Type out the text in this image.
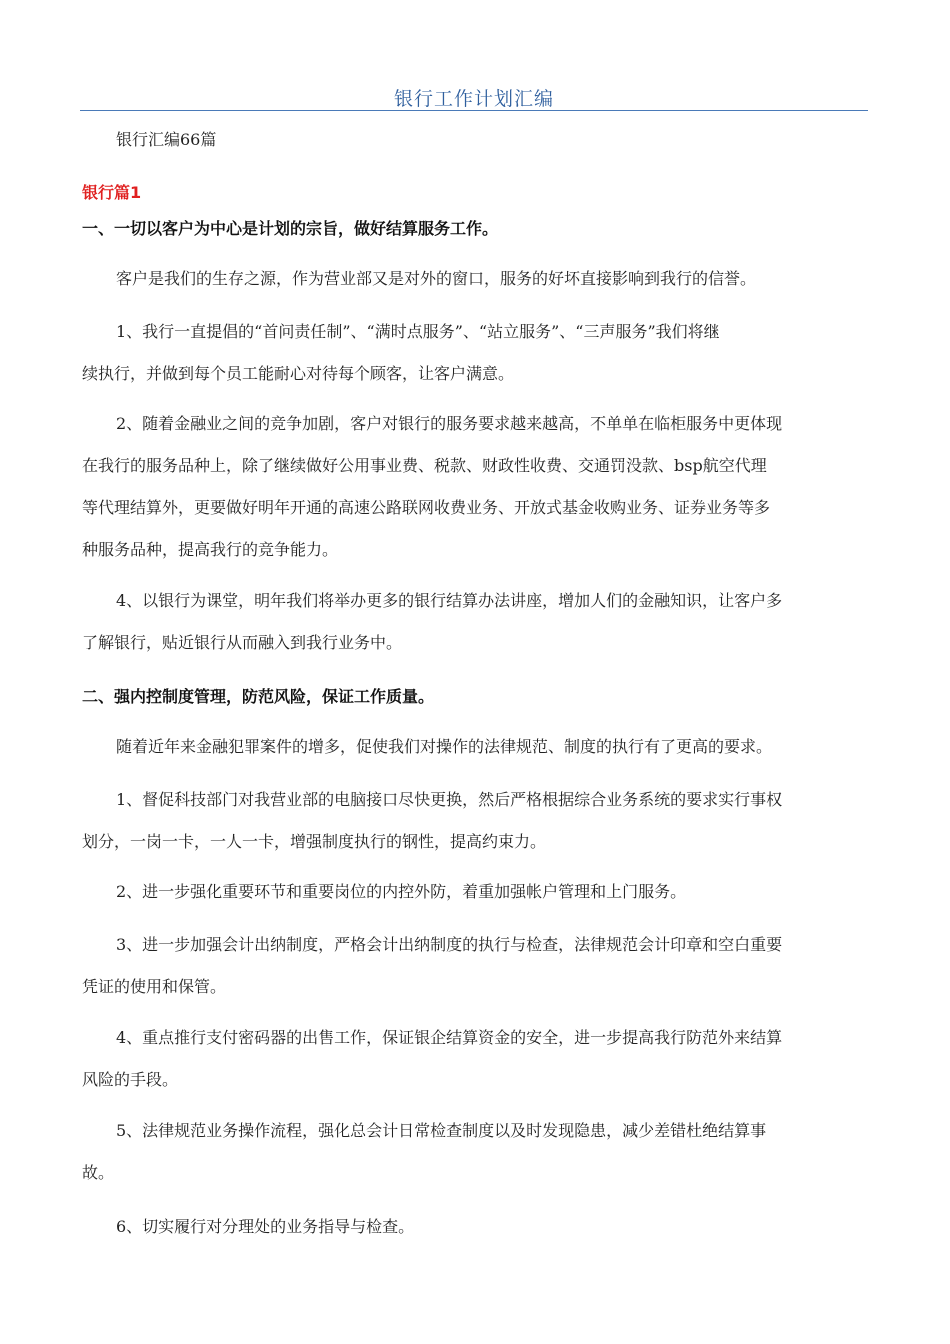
银行工作计划汇编
银行汇编66篇
银行篇1
一、一切以客户为中心是计划的宗旨，做好结算服务工作。
客户是我们的生存之源，作为营业部又是对外的窗口，服务的好坏直接影响到我行的信誉。
1、我行一直提倡的“首问责任制”、“满时点服务”、“站立服务”、“三声服务”我们将继
续执行，并做到每个员工能耐心对待每个顾客，让客户满意。
2、随着金融业之间的竞争加剧，客户对银行的服务要求越来越高，不单单在临柜服务中更体现
在我行的服务品种上，除了继续做好公用事业费、税款、财政性收费、交通罚没款、bsp航空代理
等代理结算外，更要做好明年开通的高速公路联网收费业务、开放式基金收购业务、证券业务等多
种服务品种，提高我行的竞争能力。
4、以银行为课堂，明年我们将举办更多的银行结算办法讲座，增加人们的金融知识，让客户多
了解银行，贴近银行从而融入到我行业务中。
二、强内控制度管理，防范风险，保证工作质量。
随着近年来金融犯罪案件的增多，促使我们对操作的法律规范、制度的执行有了更高的要求。
1、督促科技部门对我营业部的电脑接口尽快更换，然后严格根据综合业务系统的要求实行事权
划分，一岗一卡，一人一卡，增强制度执行的钢性，提高约束力。
2、进一步强化重要环节和重要岗位的内控外防，着重加强帐户管理和上门服务。
3、进一步加强会计出纳制度，严格会计出纳制度的执行与检查，法律规范会计印章和空白重要
凭证的使用和保管。
4、重点推行支付密码器的出售工作，保证银企结算资金的安全，进一步提高我行防范外来结算
风险的手段。
5、法律规范业务操作流程，强化总会计日常检查制度以及时发现隐患，减少差错杜绝结算事
故。
6、切实履行对分理处的业务指导与检查。
